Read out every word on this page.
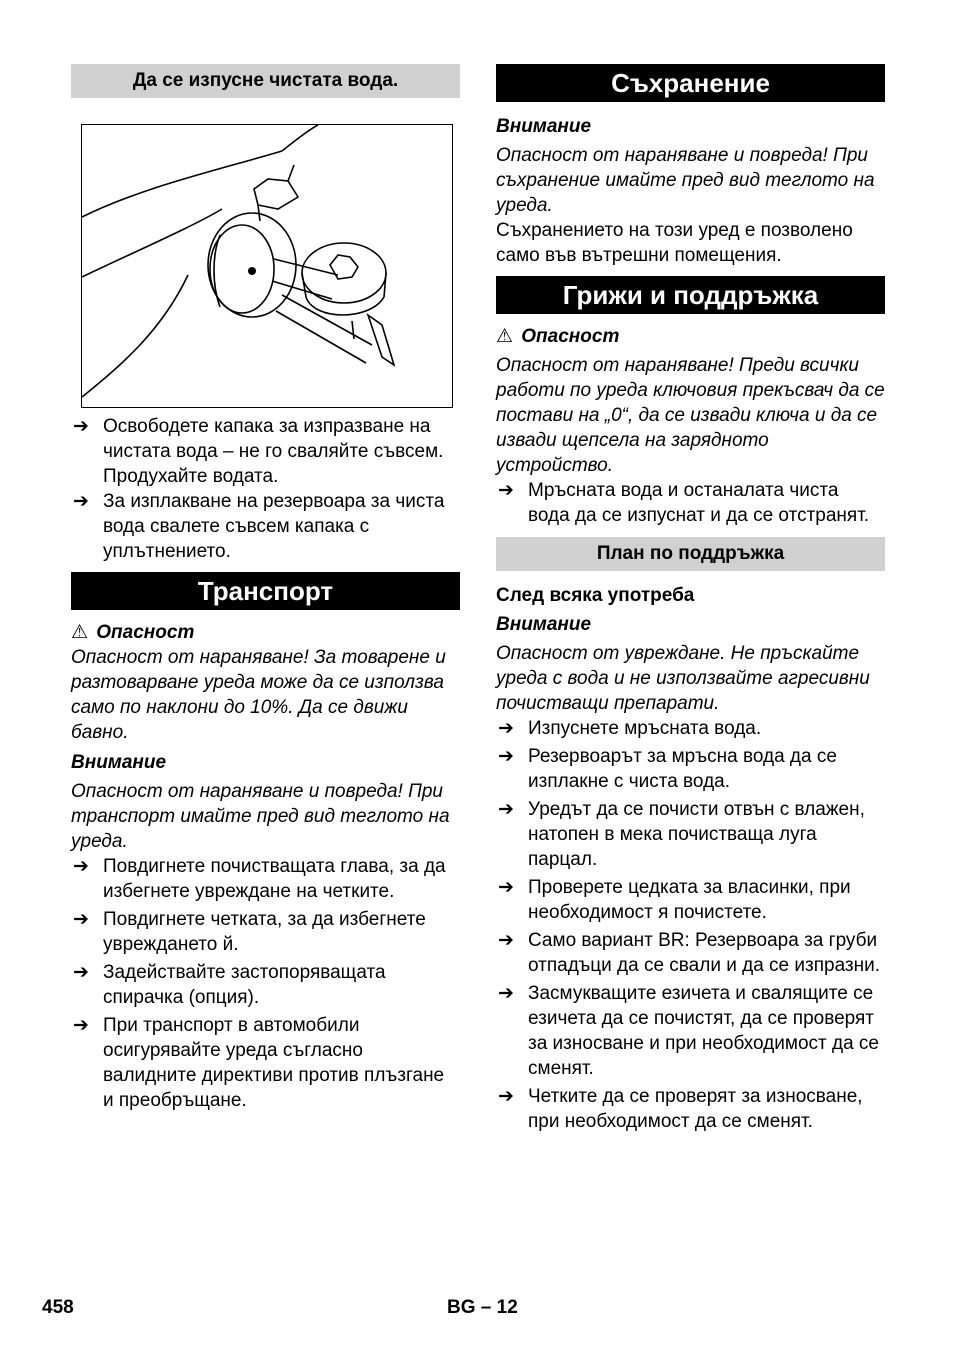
Да се изпусне чистата вода.
➔ Освободете капака за изпразване на чистата вода – не го сваляйте съвсем. Продухайте водата.
➔ За изплакване на резервоара за чиста вода свалете съвсем капака с уплътнението.
Транспорт
⚠ Опасност
Опасност от нараняване! За товарене и разтоварване уреда може да се използва само по наклони до 10%. Да се движи бавно.
Внимание
Опасност от нараняване и повреда! При транспорт имайте пред вид теглото на уреда.
➔ Повдигнете почистващата глава, за да избегнете увреждане на четките.
➔ Повдигнете четката, за да избегнете увреждането й.
➔ Задействайте застопоряващата спирачка (опция).
➔ При транспорт в автомобили осигурявайте уреда съгласно валидните директиви против плъзгане и преобръщане.
Съхранение
Внимание
Опасност от нараняване и повреда! При съхранение имайте пред вид теглото на уреда.
Съхранението на този уред е позволено само във вътрешни помещения.
Грижи и поддръжка
⚠ Опасност
Опасност от нараняване! Преди всички работи по уреда ключовия прекъсвач да се постави на „0“, да се извади ключа и да се извади щепсела на зарядното устройство.
➔ Мръсната вода и останалата чиста вода да се изпуснат и да се отстранят.
План по поддръжка
След всяка употреба
Внимание
Опасност от увреждане. Не пръскайте уреда с вода и не използвайте агресивни почистващи препарати.
➔ Изпуснете мръсната вода.
➔ Резервоарът за мръсна вода да се изплакне с чиста вода.
➔ Уредът да се почисти отвън с влажен, натопен в мека почистваща луга парцал.
➔ Проверете цедката за власинки, при необходимост я почистете.
➔ Само вариант BR: Резервоара за груби отпадъци да се свали и да се изпразни.
➔ Засмукващите езичета и свалящите се езичета да се почистят, да се проверят за износване и при необходимост да се сменят.
➔ Четките да се проверят за износване, при необходимост да се сменят.
458	BG – 12
